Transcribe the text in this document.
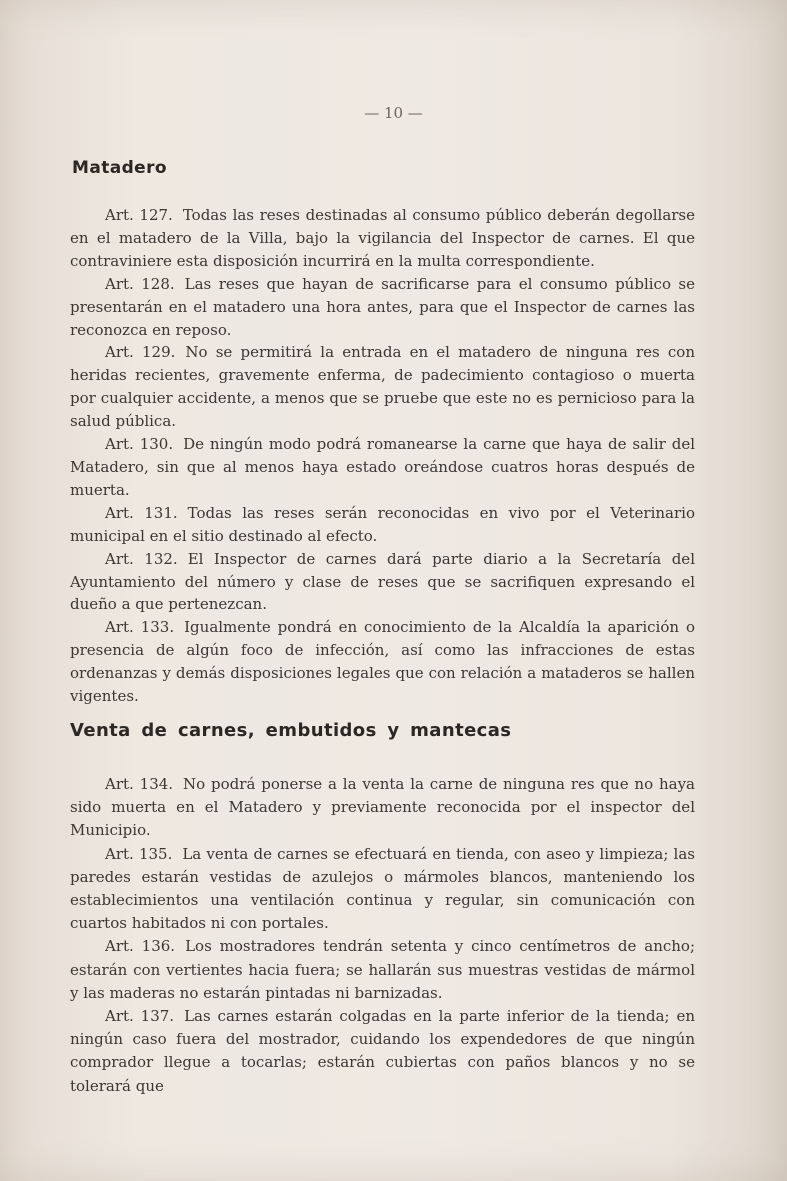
— 10 —
Matadero

Art. 127. Todas las reses destinadas al consumo público deberán degollarse en el matadero de la Villa, bajo la vigilancia del Inspector de carnes. El que contraviniere esta disposición incurrirá en la multa correspondiente.

Art. 128. Las reses que hayan de sacrificarse para el consumo público se presentarán en el matadero una hora antes, para que el Inspector de carnes las reconozca en reposo.

Art. 129. No se permitirá la entrada en el matadero de ninguna res con heridas recientes, gravemente enferma, de padecimiento contagioso o muerta por cualquier accidente, a menos que se pruebe que este no es pernicioso para la salud pública.

Art. 130. De ningún modo podrá romanearse la carne que haya de salir del Matadero, sin que al menos haya estado oreándose cuatros horas después de muerta.

Art. 131. Todas las reses serán reconocidas en vivo por el Veterinario municipal en el sitio destinado al efecto.

Art. 132. El Inspector de carnes dará parte diario a la Secretaría del Ayuntamiento del número y clase de reses que se sacrifiquen expresando el dueño a que pertenezcan.

Art. 133. Igualmente pondrá en conocimiento de la Alcaldía la aparición o presencia de algún foco de infección, así como las infracciones de estas ordenanzas y demás disposiciones legales que con relación a mataderos se hallen vigentes.

Venta de carnes, embutidos y mantecas

Art. 134. No podrá ponerse a la venta la carne de ninguna res que no haya sido muerta en el Matadero y previamente reconocida por el inspector del Municipio.

Art. 135. La venta de carnes se efectuará en tienda, con aseo y limpieza; las paredes estarán vestidas de azulejos o mármoles blancos, manteniendo los establecimientos una ventilación continua y regular, sin comunicación con cuartos habitados ni con portales.

Art. 136. Los mostradores tendrán setenta y cinco centímetros de ancho; estarán con vertientes hacia fuera; se hallarán sus muestras vestidas de mármol y las maderas no estarán pintadas ni barnizadas.

Art. 137. Las carnes estarán colgadas en la parte inferior de la tienda; en ningún caso fuera del mostrador, cuidando los expendedores de que ningún comprador llegue a tocarlas; estarán cubiertas con paños blancos y no se tolerará que
